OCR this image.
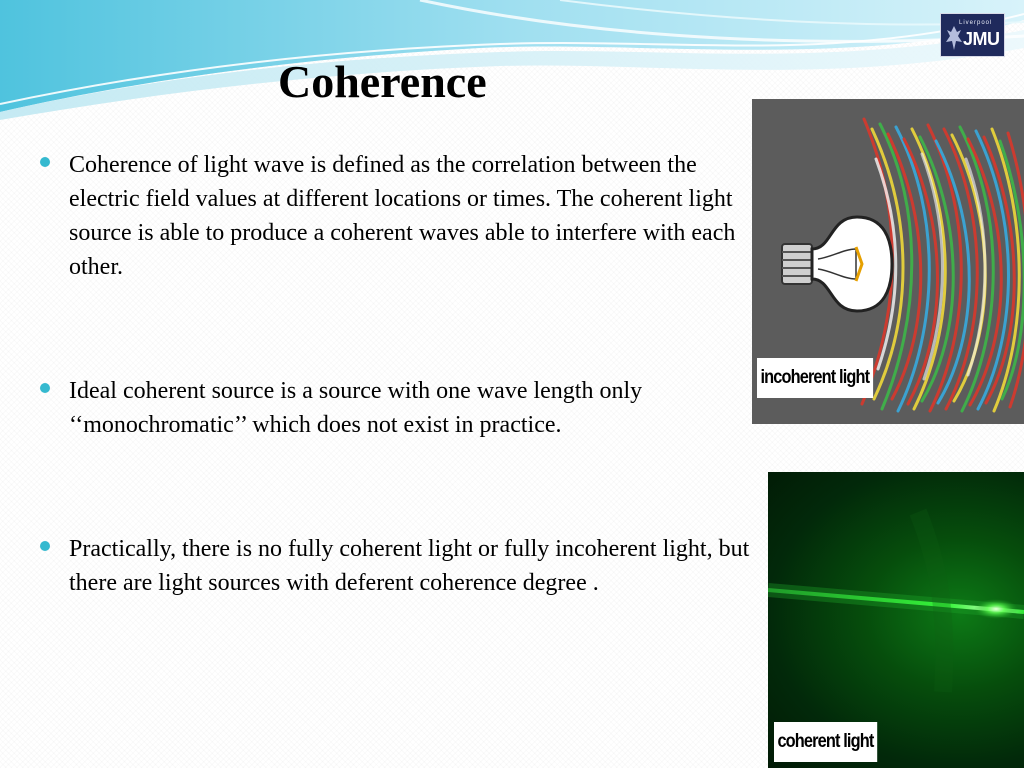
Liverpool
JMU
Coherence
Coherence of light wave is defined as the correlation between the electric field values at different locations or times. The coherent light source is able to produce a coherent waves able to interfere with each other.
Ideal coherent source is a source with one wave length only ‘‘monochromatic’’ which does not exist in practice.
Practically, there is no fully coherent light or fully incoherent light, but there are light sources with deferent coherence degree .
incoherent light
coherent light
